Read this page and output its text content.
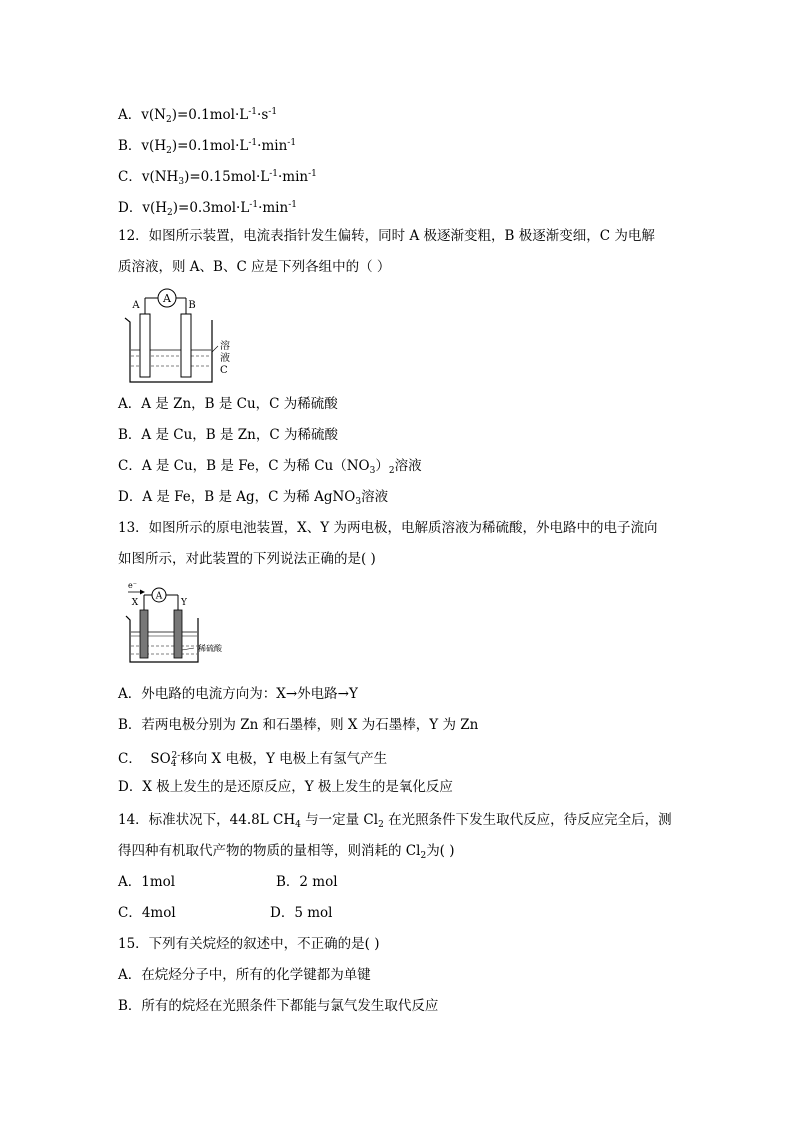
A．$v(N_2)=0.1mol\cdot L^{-1}\cdot s^{-1}$
B．$v(H_2)=0.1mol\cdot L^{-1}\cdot\min^{-1}$
C．$v(NH_3)=0.15mol\cdot L^{-1}\cdot\min^{-1}$
D．$v(H_2)=0.3mol\cdot L^{-1}\cdot\min^{-1}$
12．如图所示装置，电流表指针发生偏转，同时 A 极逐渐变粗，B 极逐渐变细，C 为电解
质溶液，则 A、B、C 应是下列各组中的（ ）
A
A	B
溶
液
C
A．A 是 Zn，B 是 Cu，C 为稀硫酸
B．A 是 Cu，B 是 Zn，C 为稀硫酸
C．A 是 Cu，B 是 Fe，C 为稀 $Cu(NO_3)_2$溶液
D．A 是 Fe，B 是 Ag，C 为稀 AgNO$_3$溶液
13．如图所示的原电池装置，X、Y 为两电极，电解质溶液为稀硫酸，外电路中的电子流向
如图所示，对此装置的下列说法正确的是( )
e⁻
A
X	Y
稀硫酸
A．外电路的电流方向为：X→外电路→Y
B．若两电极分别为 Zn 和石墨棒，则 X 为石墨棒，Y 为 Zn
C．  $SO_4^{2-}$移向 X 电极，Y 电极上有氢气产生
D．X 极上发生的是还原反应，Y 极上发生的是氧化反应
14．标准状况下，44.8L $CH_4$ 与一定量 $Cl_2$ 在光照条件下发生取代反应，待反应完全后，测
得四种有机取代产物的物质的量相等，则消耗的 $Cl_2$为( )
A．1mol	B．2 mol
C．4mol	D．5 mol
15．下列有关烷烃的叙述中，不正确的是( )
A．在烷烃分子中，所有的化学键都为单键
B．所有的烷烃在光照条件下都能与氯气发生取代反应
